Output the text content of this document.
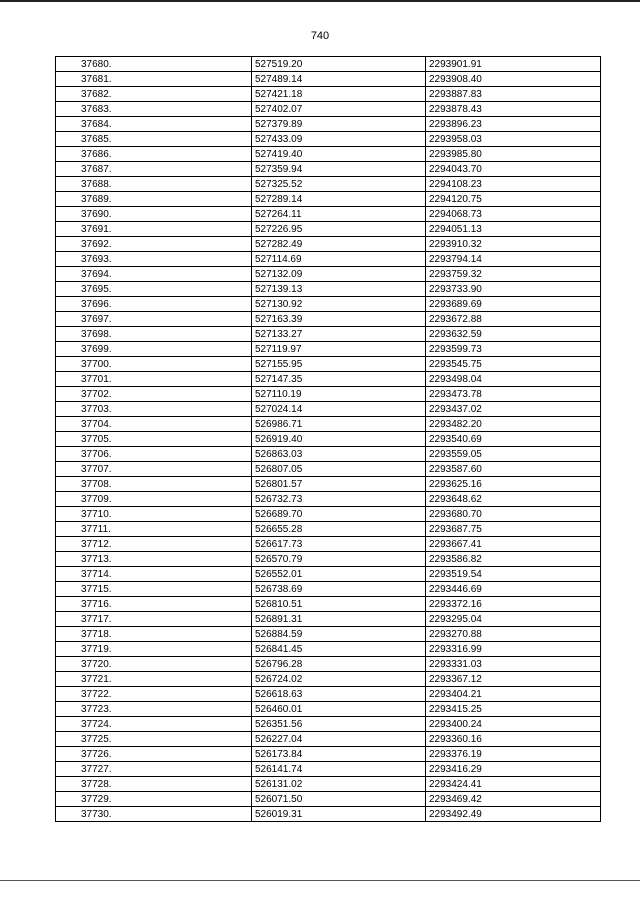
740
37680.	527519.20	2293901.91
37681.	527489.14	2293908.40
37682.	527421.18	2293887.83
37683.	527402.07	2293878.43
37684.	527379.89	2293896.23
37685.	527433.09	2293958.03
37686.	527419.40	2293985.80
37687.	527359.94	2294043.70
37688.	527325.52	2294108.23
37689.	527289.14	2294120.75
37690.	527264.11	2294068.73
37691.	527226.95	2294051.13
37692.	527282.49	2293910.32
37693.	527114.69	2293794.14
37694.	527132.09	2293759.32
37695.	527139.13	2293733.90
37696.	527130.92	2293689.69
37697.	527163.39	2293672.88
37698.	527133.27	2293632.59
37699.	527119.97	2293599.73
37700.	527155.95	2293545.75
37701.	527147.35	2293498.04
37702.	527110.19	2293473.78
37703.	527024.14	2293437.02
37704.	526986.71	2293482.20
37705.	526919.40	2293540.69
37706.	526863.03	2293559.05
37707.	526807.05	2293587.60
37708.	526801.57	2293625.16
37709.	526732.73	2293648.62
37710.	526689.70	2293680.70
37711.	526655.28	2293687.75
37712.	526617.73	2293667.41
37713.	526570.79	2293586.82
37714.	526552.01	2293519.54
37715.	526738.69	2293446.69
37716.	526810.51	2293372.16
37717.	526891.31	2293295.04
37718.	526884.59	2293270.88
37719.	526841.45	2293316.99
37720.	526796.28	2293331.03
37721.	526724.02	2293367.12
37722.	526618.63	2293404.21
37723.	526460.01	2293415.25
37724.	526351.56	2293400.24
37725.	526227.04	2293360.16
37726.	526173.84	2293376.19
37727.	526141.74	2293416.29
37728.	526131.02	2293424.41
37729.	526071.50	2293469.42
37730.	526019.31	2293492.49
